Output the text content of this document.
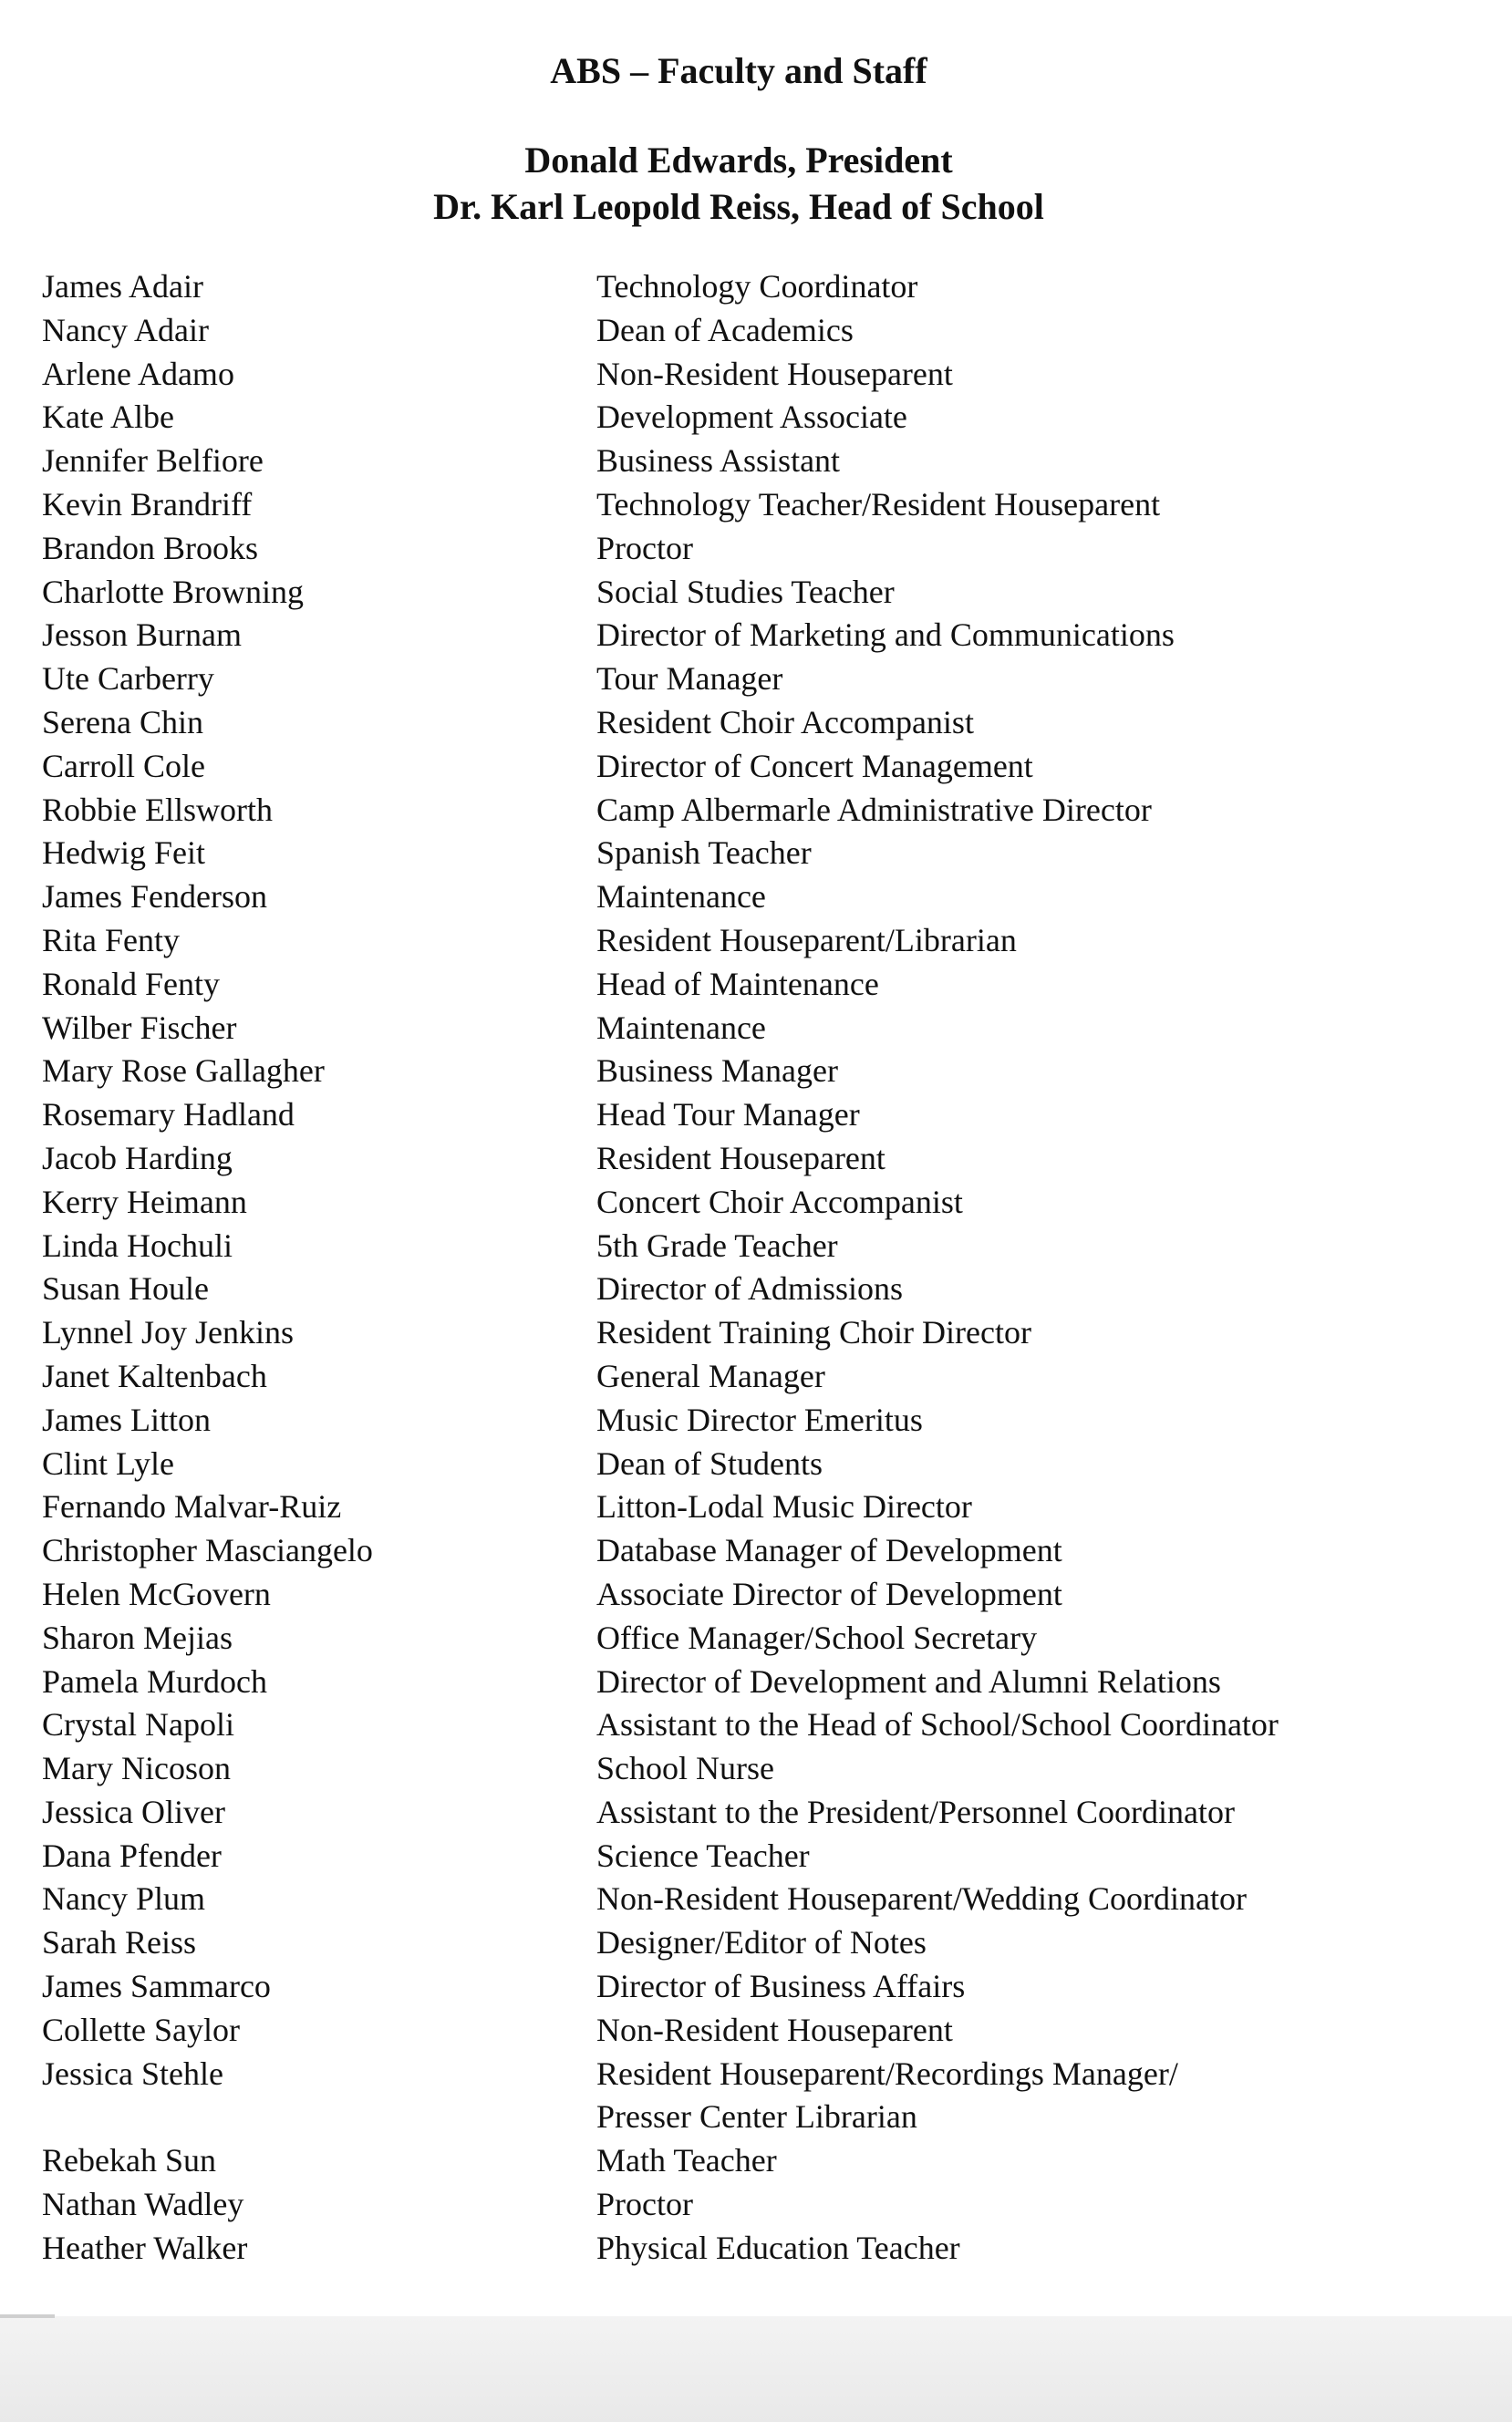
ABS – Faculty and Staff
Donald Edwards, President
Dr. Karl Leopold Reiss, Head of School
James Adair	Technology Coordinator
Nancy Adair	Dean of Academics
Arlene Adamo	Non-Resident Houseparent
Kate Albe	Development Associate
Jennifer Belfiore	Business Assistant
Kevin Brandriff	Technology Teacher/Resident Houseparent
Brandon Brooks	Proctor
Charlotte Browning	Social Studies Teacher
Jesson Burnam	Director of Marketing and Communications
Ute Carberry	Tour Manager
Serena Chin	Resident Choir Accompanist
Carroll Cole	Director of Concert Management
Robbie Ellsworth	Camp Albermarle Administrative Director
Hedwig Feit	Spanish Teacher
James Fenderson	Maintenance
Rita Fenty	Resident Houseparent/Librarian
Ronald Fenty	Head of Maintenance
Wilber Fischer	Maintenance
Mary Rose Gallagher	Business Manager
Rosemary Hadland	Head Tour Manager
Jacob Harding	Resident Houseparent
Kerry Heimann	Concert Choir Accompanist
Linda Hochuli	5th Grade Teacher
Susan Houle	Director of Admissions
Lynnel Joy Jenkins	Resident Training Choir Director
Janet Kaltenbach	General Manager
James Litton	Music Director Emeritus
Clint Lyle	Dean of Students
Fernando Malvar-Ruiz	Litton-Lodal Music Director
Christopher Masciangelo	Database Manager of Development
Helen McGovern	Associate Director of Development
Sharon Mejias	Office Manager/School Secretary
Pamela Murdoch	Director of Development and Alumni Relations
Crystal Napoli	Assistant to the Head of School/School Coordinator
Mary Nicoson	School Nurse
Jessica Oliver	Assistant to the President/Personnel Coordinator
Dana Pfender	Science Teacher
Nancy Plum	Non-Resident Houseparent/Wedding Coordinator
Sarah Reiss	Designer/Editor of Notes
James Sammarco	Director of Business Affairs
Collette Saylor	Non-Resident Houseparent
Jessica Stehle	Resident Houseparent/Recordings Manager/
Presser Center Librarian
Rebekah Sun	Math Teacher
Nathan Wadley	Proctor
Heather Walker	Physical Education Teacher
